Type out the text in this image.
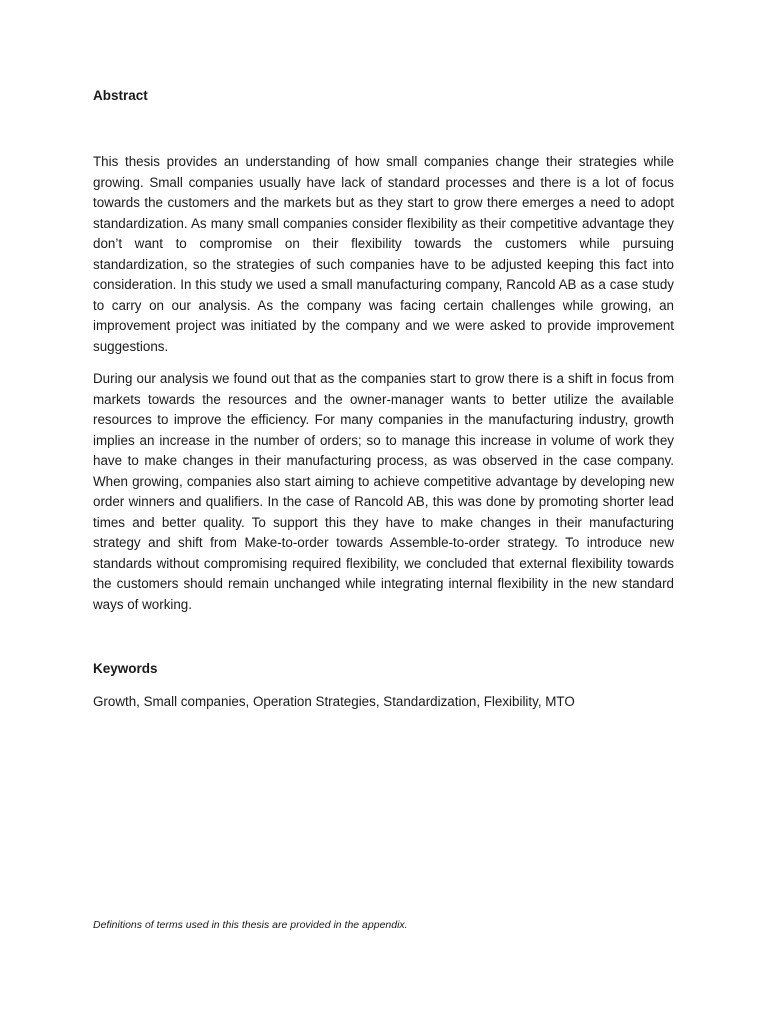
Abstract

This thesis provides an understanding of how small companies change their strategies while growing. Small companies usually have lack of standard processes and there is a lot of focus towards the customers and the markets but as they start to grow there emerges a need to adopt standardization. As many small companies consider flexibility as their competitive advantage they don’t want to compromise on their flexibility towards the customers while pursuing standardization, so the strategies of such companies have to be adjusted keeping this fact into consideration. In this study we used a small manufacturing company, Rancold AB as a case study to carry on our analysis. As the company was facing certain challenges while growing, an improvement project was initiated by the company and we were asked to provide improvement suggestions.

During our analysis we found out that as the companies start to grow there is a shift in focus from markets towards the resources and the owner-manager wants to better utilize the available resources to improve the efficiency. For many companies in the manufacturing industry, growth implies an increase in the number of orders; so to manage this increase in volume of work they have to make changes in their manufacturing process, as was observed in the case company. When growing, companies also start aiming to achieve competitive advantage by developing new order winners and qualifiers. In the case of Rancold AB, this was done by promoting shorter lead times and better quality. To support this they have to make changes in their manufacturing strategy and shift from Make-to-order towards Assemble-to-order strategy. To introduce new standards without compromising required flexibility, we concluded that external flexibility towards the customers should remain unchanged while integrating internal flexibility in the new standard ways of working.

Keywords

Growth, Small companies, Operation Strategies, Standardization, Flexibility, MTO

Definitions of terms used in this thesis are provided in the appendix.
